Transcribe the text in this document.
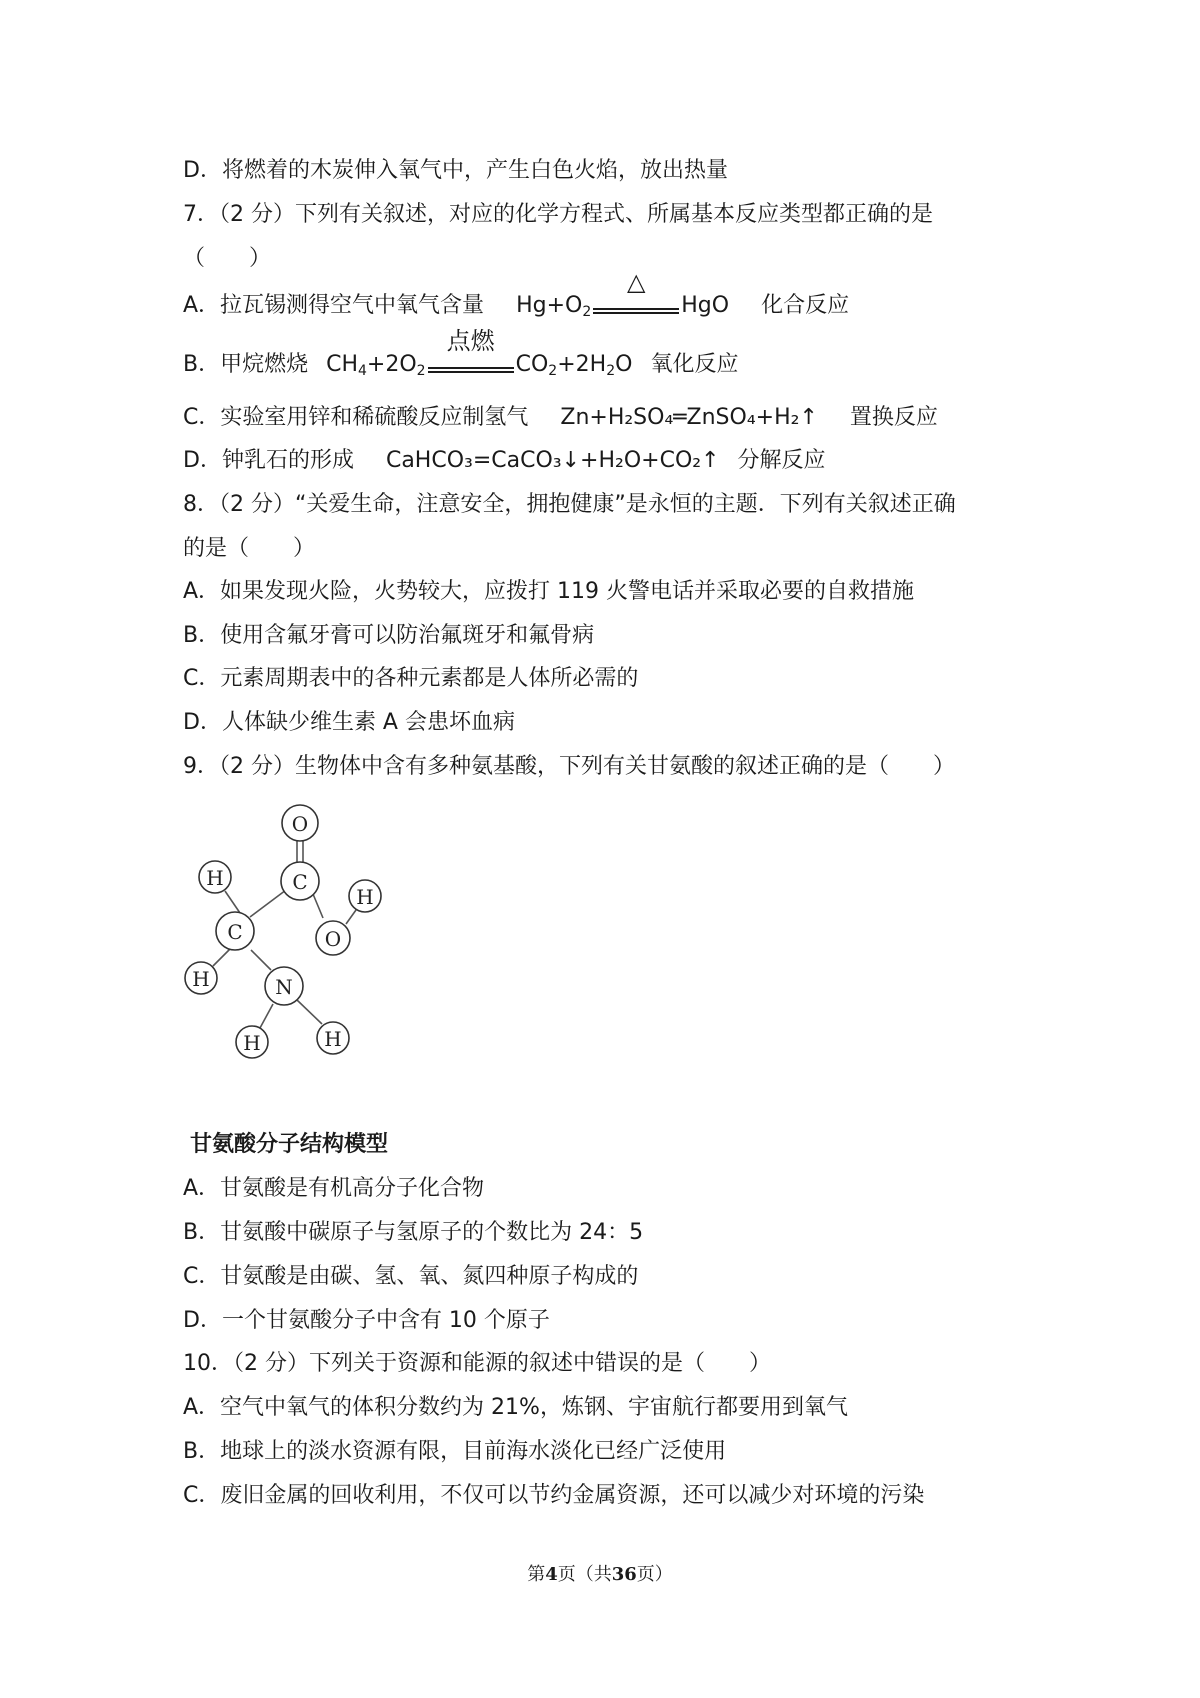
D．将燃着的木炭伸入氧气中，产生白色火焰，放出热量
7．（2 分）下列有关叙述，对应的化学方程式、所属基本反应类型都正确的是
（　　）
A．拉瓦锡测得空气中氧气含量 $Hg+O_2$
△
HgO 化合反应
B．甲烷燃烧 $CH_4+2O_2$
点燃
$CO_2+2H_2O$ 氧化反应
C．实验室用锌和稀硫酸反应制氢气 Zn+H₂SO₄═ZnSO₄+H₂↑ 置换反应
D．钟乳石的形成 CaHCO₃=CaCO₃↓+H₂O+CO₂↑ 分解反应
8．（2 分）“关爱生命，注意安全，拥抱健康”是永恒的主题．下列有关叙述正确
的是（　　）
A．如果发现火险，火势较大，应拨打 119 火警电话并采取必要的自救措施
B．使用含氟牙膏可以防治氟斑牙和氟骨病
C．元素周期表中的各种元素都是人体所必需的
D．人体缺少维生素 A 会患坏血病
9．（2 分）生物体中含有多种氨基酸，下列有关甘氨酸的叙述正确的是（　　）
O
C
H
H
C	O
H	N
H	H
甘氨酸分子结构模型
A．甘氨酸是有机高分子化合物
B．甘氨酸中碳原子与氢原子的个数比为 24：5
C．甘氨酸是由碳、氢、氧、氮四种原子构成的
D．一个甘氨酸分子中含有 10 个原子
10．（2 分）下列关于资源和能源的叙述中错误的是（　　）
A．空气中氧气的体积分数约为 21%，炼钢、宇宙航行都要用到氧气
B．地球上的淡水资源有限，目前海水淡化已经广泛使用
C．废旧金属的回收利用，不仅可以节约金属资源，还可以减少对环境的污染
第4页（共36页）
